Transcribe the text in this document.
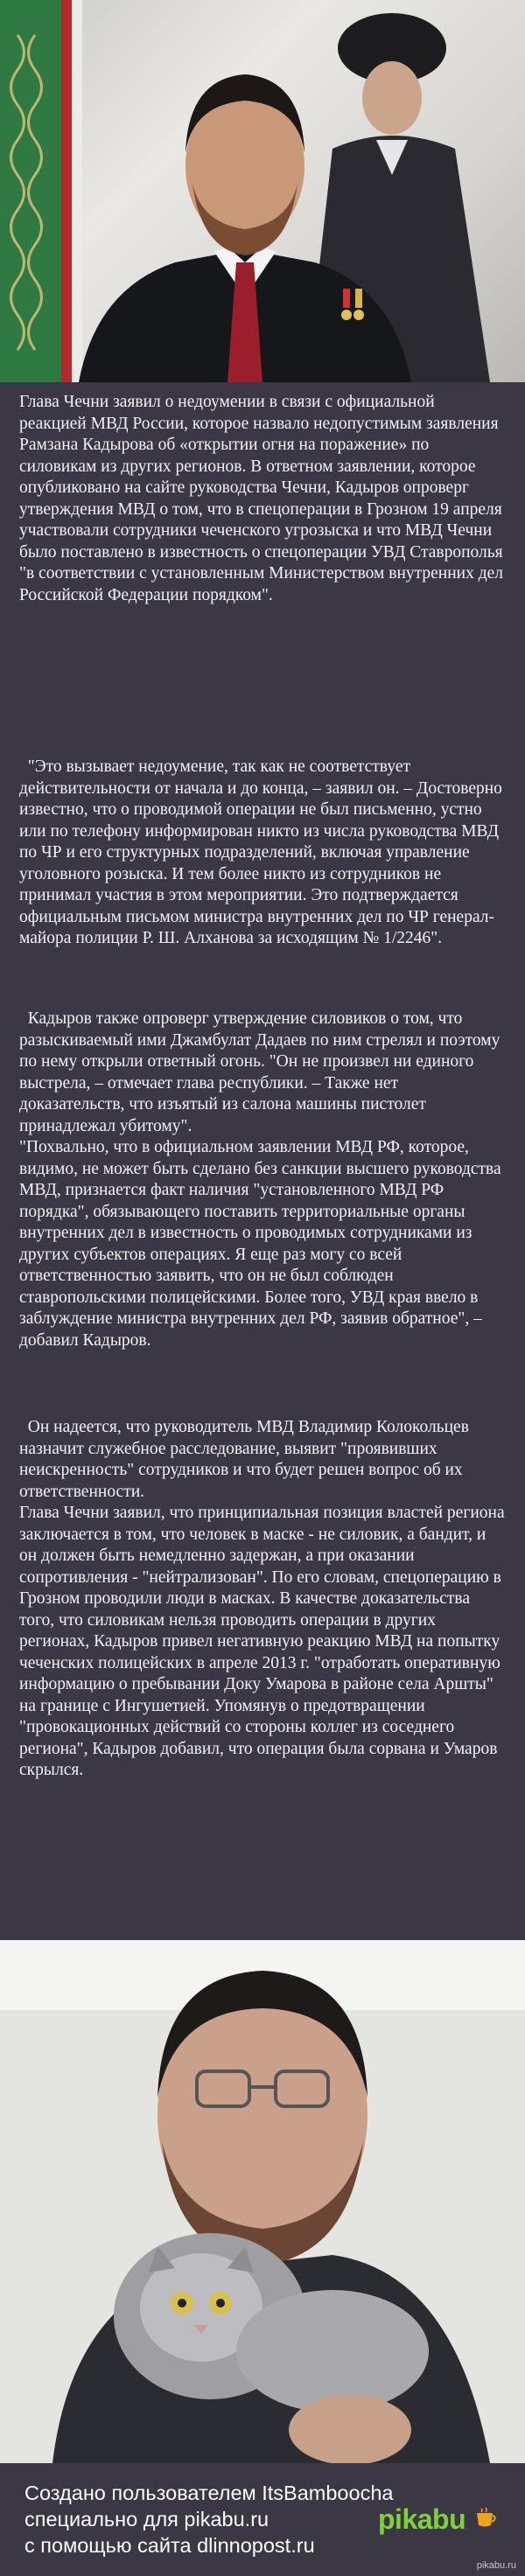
Глава Чечни заявил о недоумении в связи с официальной реакцией МВД России, которое назвало недопустимым заявления Рамзана Кадырова об «открытии огня на поражение» по силовикам из других регионов. В ответном заявлении, которое опубликовано на сайте руководства Чечни, Кадыров опроверг утверждения МВД о том, что в спецоперации в Грозном 19 апреля участвовали сотрудники чеченского угрозыска и что МВД Чечни было поставлено в известность о спецоперации УВД Ставрополья "в соответствии с установленным Министерством внутренних дел Российской Федерации порядком".

"Это вызывает недоумение, так как не соответствует действительности от начала и до конца, – заявил он. – Достоверно известно, что о проводимой операции не был письменно, устно или по телефону информирован никто из числа руководства МВД по ЧР и его структурных подразделений, включая управление уголовного розыска. И тем более никто из сотрудников не принимал участия в этом мероприятии. Это подтверждается официальным письмом министра внутренних дел по ЧР генерал-майора полиции Р. Ш. Алханова за исходящим № 1/2246".

Кадыров также опроверг утверждение силовиков о том, что разыскиваемый ими Джамбулат Дадаев по ним стрелял и поэтому по нему открыли ответный огонь. "Он не произвел ни единого выстрела, – отмечает глава республики. – Также нет доказательств, что изъятый из салона машины пистолет принадлежал убитому".
"Похвально, что в официальном заявлении МВД РФ, которое, видимо, не может быть сделано без санкции высшего руководства МВД, признается факт наличия "установленного МВД РФ порядка", обязывающего поставить территориальные органы внутренних дел в известность о проводимых сотрудниками из других субъектов операциях. Я еще раз могу со всей ответственностью заявить, что он не был соблюден ставропольскими полицейскими. Более того, УВД края ввело в заблуждение министра внутренних дел РФ, заявив обратное", – добавил Кадыров.

Он надеется, что руководитель МВД Владимир Колокольцев назначит служебное расследование, выявит "проявивших неискренность" сотрудников и что будет решен вопрос об их ответственности.
Глава Чечни заявил, что принципиальная позиция властей региона заключается в том, что человек в маске - не силовик, а бандит, и он должен быть немедленно задержан, а при оказании сопротивления - "нейтрализован". По его словам, спецоперацию в Грозном проводили люди в масках. В качестве доказательства того, что силовикам нельзя проводить операции в других регионах, Кадыров привел негативную реакцию МВД на попытку чеченских полицейских в апреле 2013 г. "отработать оперативную информацию о пребывании Доку Умарова в районе села Аршты" на границе с Ингушетией. Упомянув о предотвращении "провокационных действий со стороны коллег из соседнего региона", Кадыров добавил, что операция была сорвана и Умаров скрылся.

Создано пользователем ItsBamboocha
специально для pikabu.ru
с помощью сайта dlinnopost.ru
pikabu
pikabu.ru
